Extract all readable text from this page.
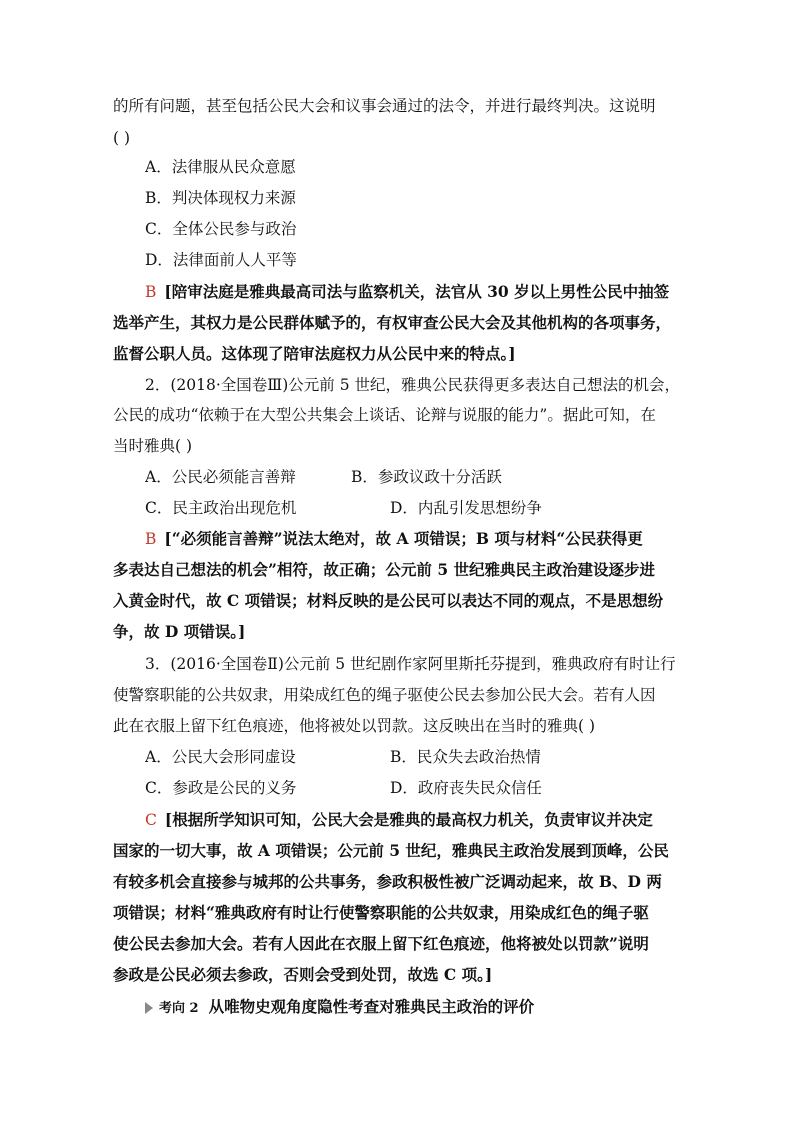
的所有问题，甚至包括公民大会和议事会通过的法令，并进行最终判决。这说明
( )
A．法律服从民众意愿
B．判决体现权力来源
C．全体公民参与政治
D．法律面前人人平等
B [陪审法庭是雅典最高司法与监察机关，法官从 30 岁以上男性公民中抽签
选举产生，其权力是公民群体赋予的，有权审查公民大会及其他机构的各项事务，
监督公职人员。这体现了陪审法庭权力从公民中来的特点。]
2．(2018·全国卷Ⅲ)公元前 5 世纪，雅典公民获得更多表达自己想法的机会，
公民的成功“依赖于在大型公共集会上谈话、论辩与说服的能力”。据此可知，在
当时雅典( )
A．公民必须能言善辩	B．参政议政十分活跃
C．民主政治出现危机	D．内乱引发思想纷争
B [“必须能言善辩”说法太绝对，故 A 项错误；B 项与材料“公民获得更
多表达自己想法的机会”相符，故正确；公元前 5 世纪雅典民主政治建设逐步进
入黄金时代，故 C 项错误；材料反映的是公民可以表达不同的观点，不是思想纷
争，故 D 项错误。]
3．(2016·全国卷Ⅱ)公元前 5 世纪剧作家阿里斯托芬提到，雅典政府有时让行
使警察职能的公共奴隶，用染成红色的绳子驱使公民去参加公民大会。若有人因
此在衣服上留下红色痕迹，他将被处以罚款。这反映出在当时的雅典( )
A．公民大会形同虚设	B．民众失去政治热情
C．参政是公民的义务	D．政府丧失民众信任
C [根据所学知识可知，公民大会是雅典的最高权力机关，负责审议并决定
国家的一切大事，故 A 项错误；公元前 5 世纪，雅典民主政治发展到顶峰，公民
有较多机会直接参与城邦的公共事务，参政积极性被广泛调动起来，故 B、D 两
项错误；材料“雅典政府有时让行使警察职能的公共奴隶，用染成红色的绳子驱
使公民去参加大会。若有人因此在衣服上留下红色痕迹，他将被处以罚款”说明
参政是公民必须去参政，否则会受到处罚，故选 C 项。]
考向 2 从唯物史观角度隐性考查对雅典民主政治的评价
